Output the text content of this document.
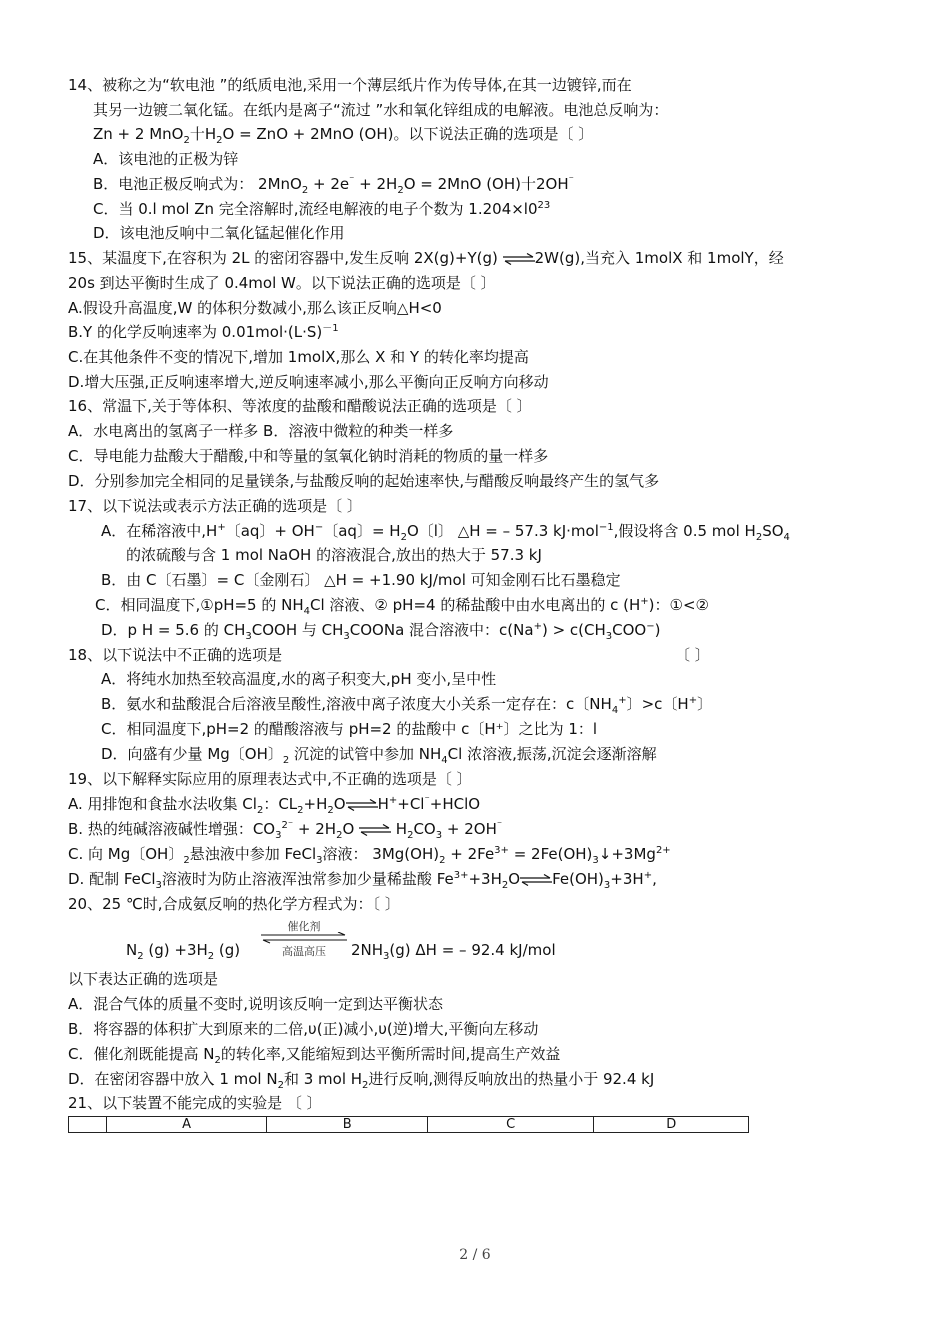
14、被称之为“软电池 ”的纸质电池,采用一个薄层纸片作为传导体,在其一边镀锌,而在
其另一边镀二氧化锰。在纸内是离子“流过 ”水和氧化锌组成的电解液。电池总反响为：
Zn + 2 MnO$_2$十$H_2O$ = ZnO + 2MnO (OH)。以下说法正确的选项是〔 〕
A．该电池的正极为锌
B．电池正极反响式为： $2MnO_2 + 2e^{^-} + 2H_2O = 2MnO$ (OH)十2OH⁻
C．当 0.l mol Zn 完全溶解时,流经电解液的电子个数为 $1.204\times l0^{23}$
D．该电池反响中二氧化锰起催化作用
15、某温度下,在容积为 2L 的密闭容器中,发生反响 2X(g)+Y(g) ⇌2W(g),当充入 1molX 和 1molY，经
20s 到达平衡时生成了 0.4mol W。以下说法正确的选项是〔 〕
A.假设升高温度,W 的体积分数减小,那么该正反响△H<0
B.Y 的化学反响速率为 $0.01mol\cdot(L\cdot S)^{-1}$
C.在其他条件不变的情况下,增加 1molX,那么 X 和 Y 的转化率均提高
D.增大压强,正反响速率增大,逆反响速率减小,那么平衡向正反响方向移动
16、常温下,关于等体积、等浓度的盐酸和醋酸说法正确的选项是〔 〕
A．水电离出的氢离子一样多 B．溶液中微粒的种类一样多
C．导电能力盐酸大于醋酸,中和等量的氢氧化钠时消耗的物质的量一样多
D．分别参加完全相同的足量镁条,与盐酸反响的起始速率快,与醋酸反响最终产生的氢气多
17、以下说法或表示方法正确的选项是〔 〕
A．在稀溶液中,H+〔aq〕+ OH−〔aq〕= $H_2O$〔l〕 △H = – 57.3 kJ·mol$^{-1}$,假设将含 0.5 mol $H_2SO_4$
的浓硫酸与含 1 mol NaOH 的溶液混合,放出的热大于 57.3 kJ
B．由 C〔石墨〕= C〔金刚石〕 △H = +1.90 kJ/mol 可知金刚石比石墨稳定
C．相同温度下,①pH=5 的 $NH_4Cl$ 溶液、② pH=4 的稀盐酸中由水电离出的 c (H+)：①<②
D．p H = 5.6 的 $CH_3COOH$ 与 $CH_3COONa$ 混合溶液中：$c(Na^+) > c(CH_3COO^-)$
18、以下说法中不正确的选项是	〔 〕
A．将纯水加热至较高温度,水的离子积变大,pH 变小,呈中性
B．氨水和盐酸混合后溶液呈酸性,溶液中离子浓度大小关系一定存在：c〔$NH_4^+$〕>c〔H+〕
C．相同温度下,pH=2 的醋酸溶液与 pH=2 的盐酸中 c〔H⁺〕之比为 1：l
D．向盛有少量 Mg〔OH〕$_2$ 沉淀的试管中参加 $NH_4Cl$ 浓溶液,振荡,沉淀会逐渐溶解
19、以下解释实际应用的原理表达式中,不正确的选项是〔 〕
A. 用排饱和食盐水法收集 $Cl_2$：$CL_2+H_2O\rightleftharpoons H^++Cl^{^-}+HClO$
B. 热的纯碱溶液碱性增强：$CO_3^{2^-} + 2H_2O$ ⇌ $H_2CO_3 + 2OH^{^-}$
C. 向 Mg〔OH〕$_2$悬浊液中参加 FeCl$_3$溶液： $3Mg(OH)_2 + 2Fe^{3+}$ = $2Fe(OH)_3↓+3Mg^{2+}$
D. 配制 FeCl$_3$溶液时为防止溶液浑浊常参加少量稀盐酸 $Fe^{3+}+3H_2O\rightleftharpoons Fe(OH)_3+3H^+$,
20、25 ℃时,合成氨反响的热化学方程式为：〔 〕
催化剂
高温高压
$N_2$ $(g) +3H_2$ (g)	$2NH_3(g) \Delta H$ = – 92.4 kJ/mol
以下表达正确的选项是
A．混合气体的质量不变时,说明该反响一定到达平衡状态
B．将容器的体积扩大到原来的二倍,υ(正)减小,υ(逆)增大,平衡向左移动
C．催化剂既能提高 $N_2$的转化率,又能缩短到达平衡所需时间,提高生产效益
D．在密闭容器中放入 1 mol $N_2$和 3 mol $H_2$进行反响,测得反响放出的热量小于 92.4 kJ
21、以下装置不能完成的实验是 〔 〕
	A	B	C	D
2 / 6
